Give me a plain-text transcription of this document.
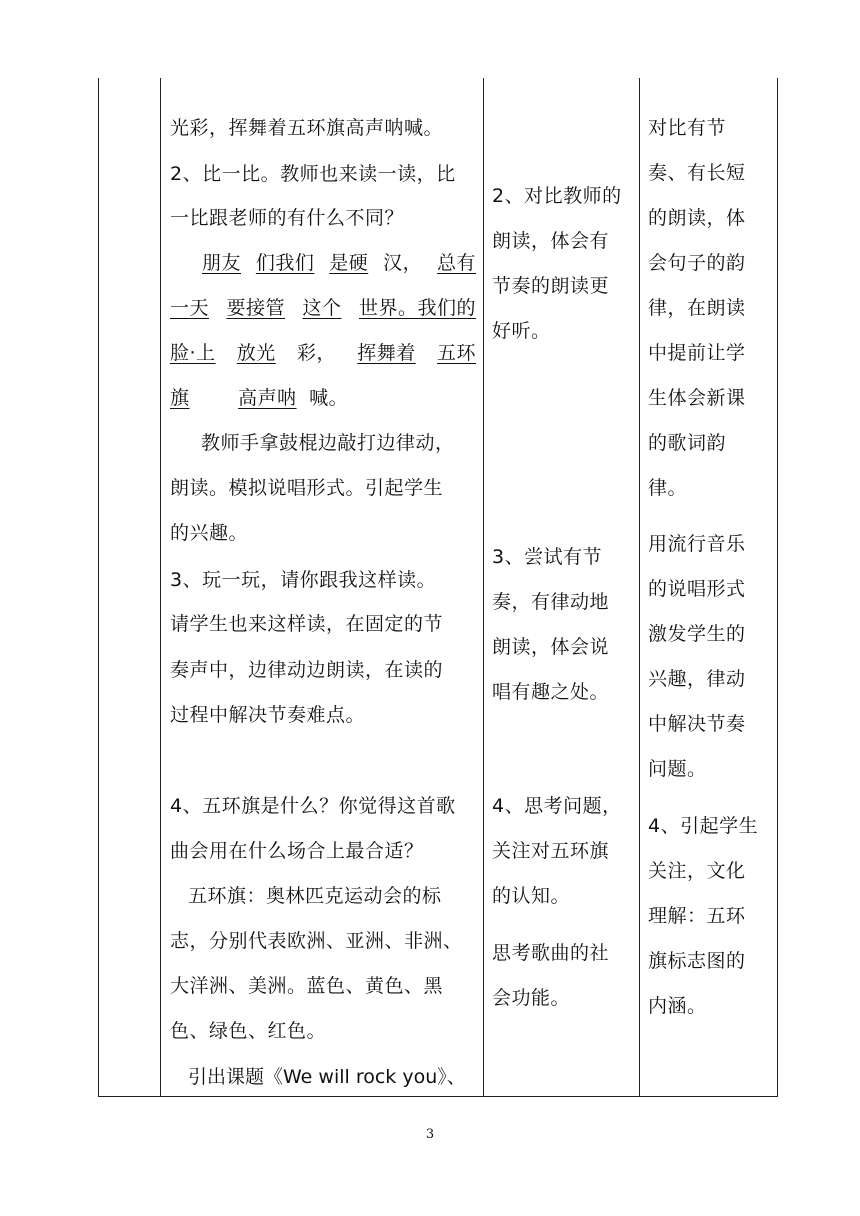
光彩，挥舞着五环旗高声呐喊。
2、比一比。教师也来读一读，比
一比跟老师的有什么不同？
朋友 们我们 是硬 汉， 总有
一天 要接管 这个 世界。我们的
脸·上 放光 彩， 挥舞着 五环
旗	高声呐 喊。
教师手拿鼓棍边敲打边律动，
朗读。模拟说唱形式。引起学生
的兴趣。
3、玩一玩，请你跟我这样读。
请学生也来这样读，在固定的节
奏声中，边律动边朗读，在读的
过程中解决节奏难点。
4、五环旗是什么？你觉得这首歌
曲会用在什么场合上最合适？
五环旗：奥林匹克运动会的标
志，分别代表欧洲、亚洲、非洲、
大洋洲、美洲。蓝色、黄色、黑
色、绿色、红色。
引出课题《We will rock you》、
2、对比教师的
朗读，体会有
节奏的朗读更
好听。
3、尝试有节
奏，有律动地
朗读，体会说
唱有趣之处。
4、思考问题，
关注对五环旗
的认知。
思考歌曲的社
会功能。
对比有节
奏、有长短
的朗读，体
会句子的韵
律，在朗读
中提前让学
生体会新课
的歌词韵
律。
用流行音乐
的说唱形式
激发学生的
兴趣，律动
中解决节奏
问题。
4、引起学生
关注，文化
理解：五环
旗标志图的
内涵。
3
